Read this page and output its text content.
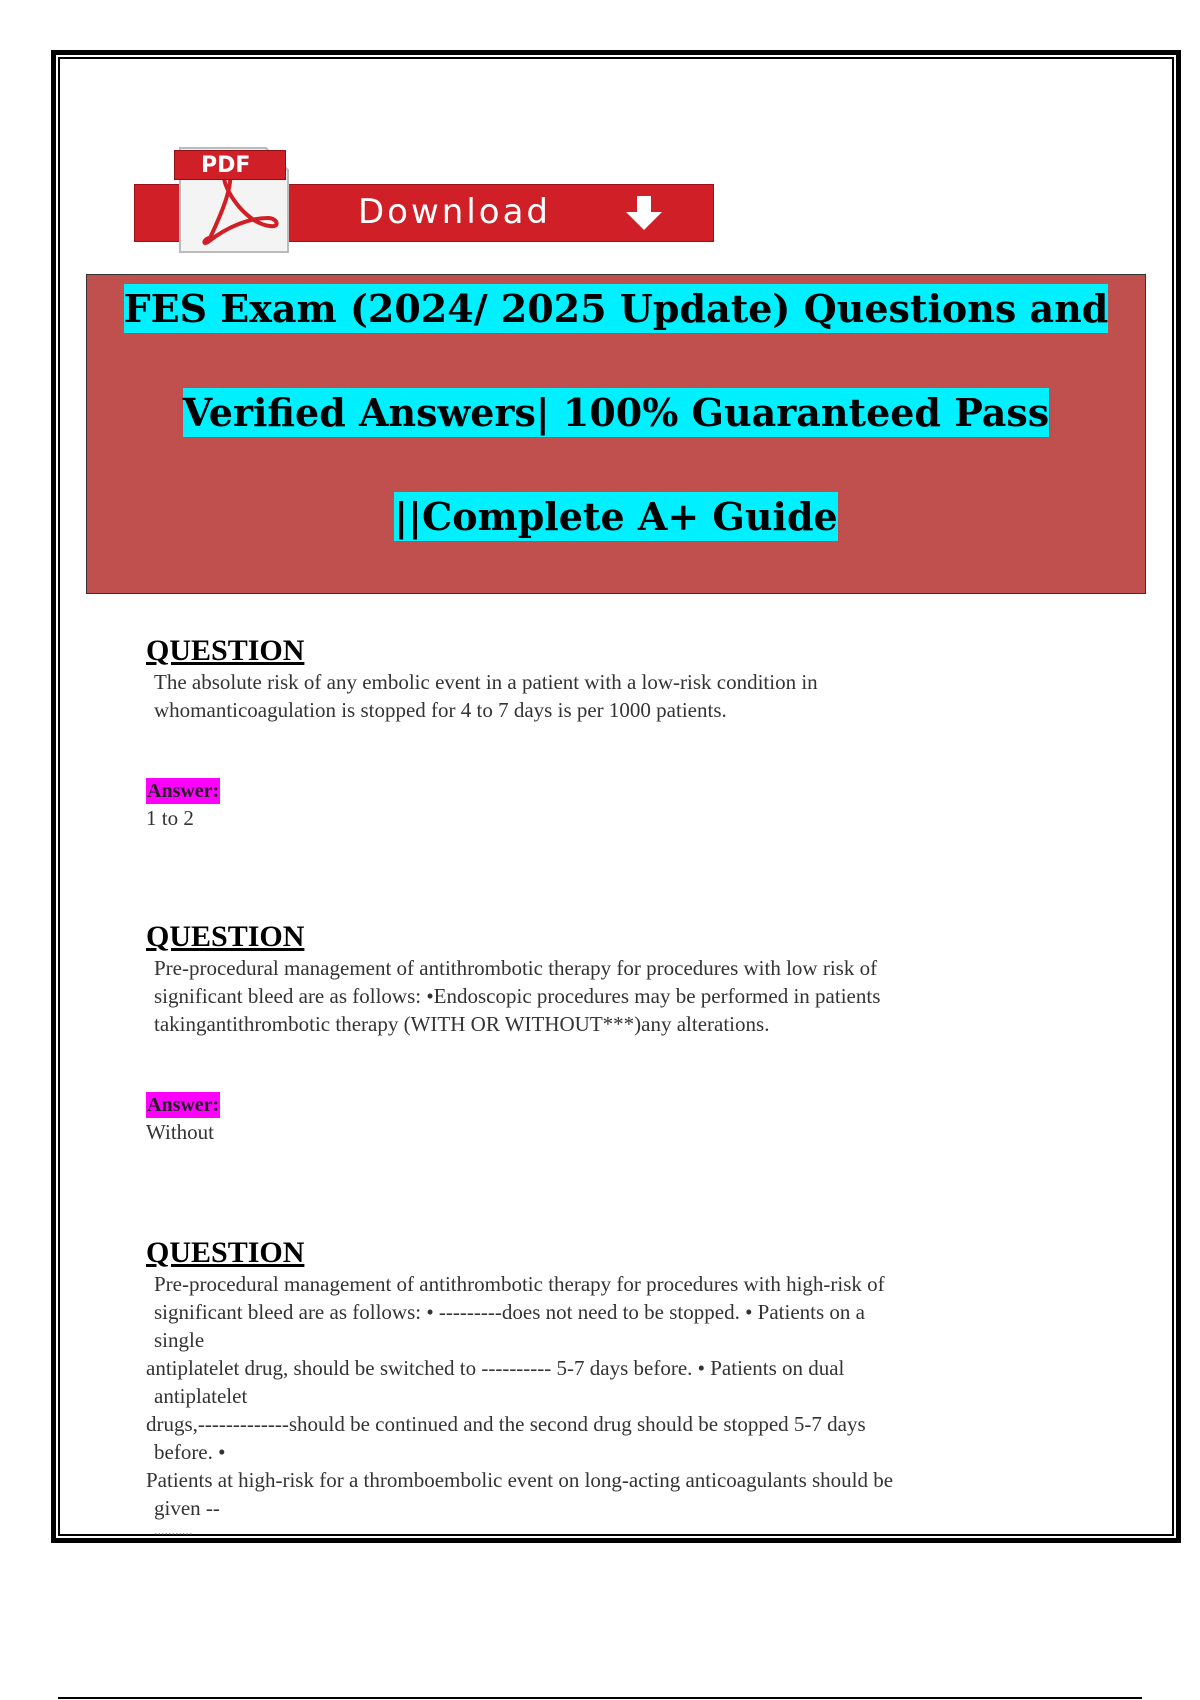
Download
PDF
FES Exam (2024/ 2025 Update) Questions and
Verified Answers| 100% Guaranteed Pass
||Complete A+ Guide

QUESTION

The absolute risk of any embolic event in a patient with a low-risk condition in
whomanticoagulation is stopped for 4 to 7 days is per 1000 patients.

Answer:

1 to 2

QUESTION

Pre-procedural management of antithrombotic therapy for procedures with low risk of
significant bleed are as follows: •Endoscopic procedures may be performed in patients
takingantithrombotic therapy (WITH OR WITHOUT***)any alterations.

Answer:

Without

QUESTION

Pre-procedural management of antithrombotic therapy for procedures with high-risk of
significant bleed are as follows: • ---------does not need to be stopped. • Patients on a
single
antiplatelet drug, should be switched to ---------- 5-7 days before. • Patients on dual
antiplatelet
drugs,-------------should be continued and the second drug should be stopped 5-7 days
before. •
Patients at high-risk for a thromboembolic event on long-acting anticoagulants should be
given --
...........
